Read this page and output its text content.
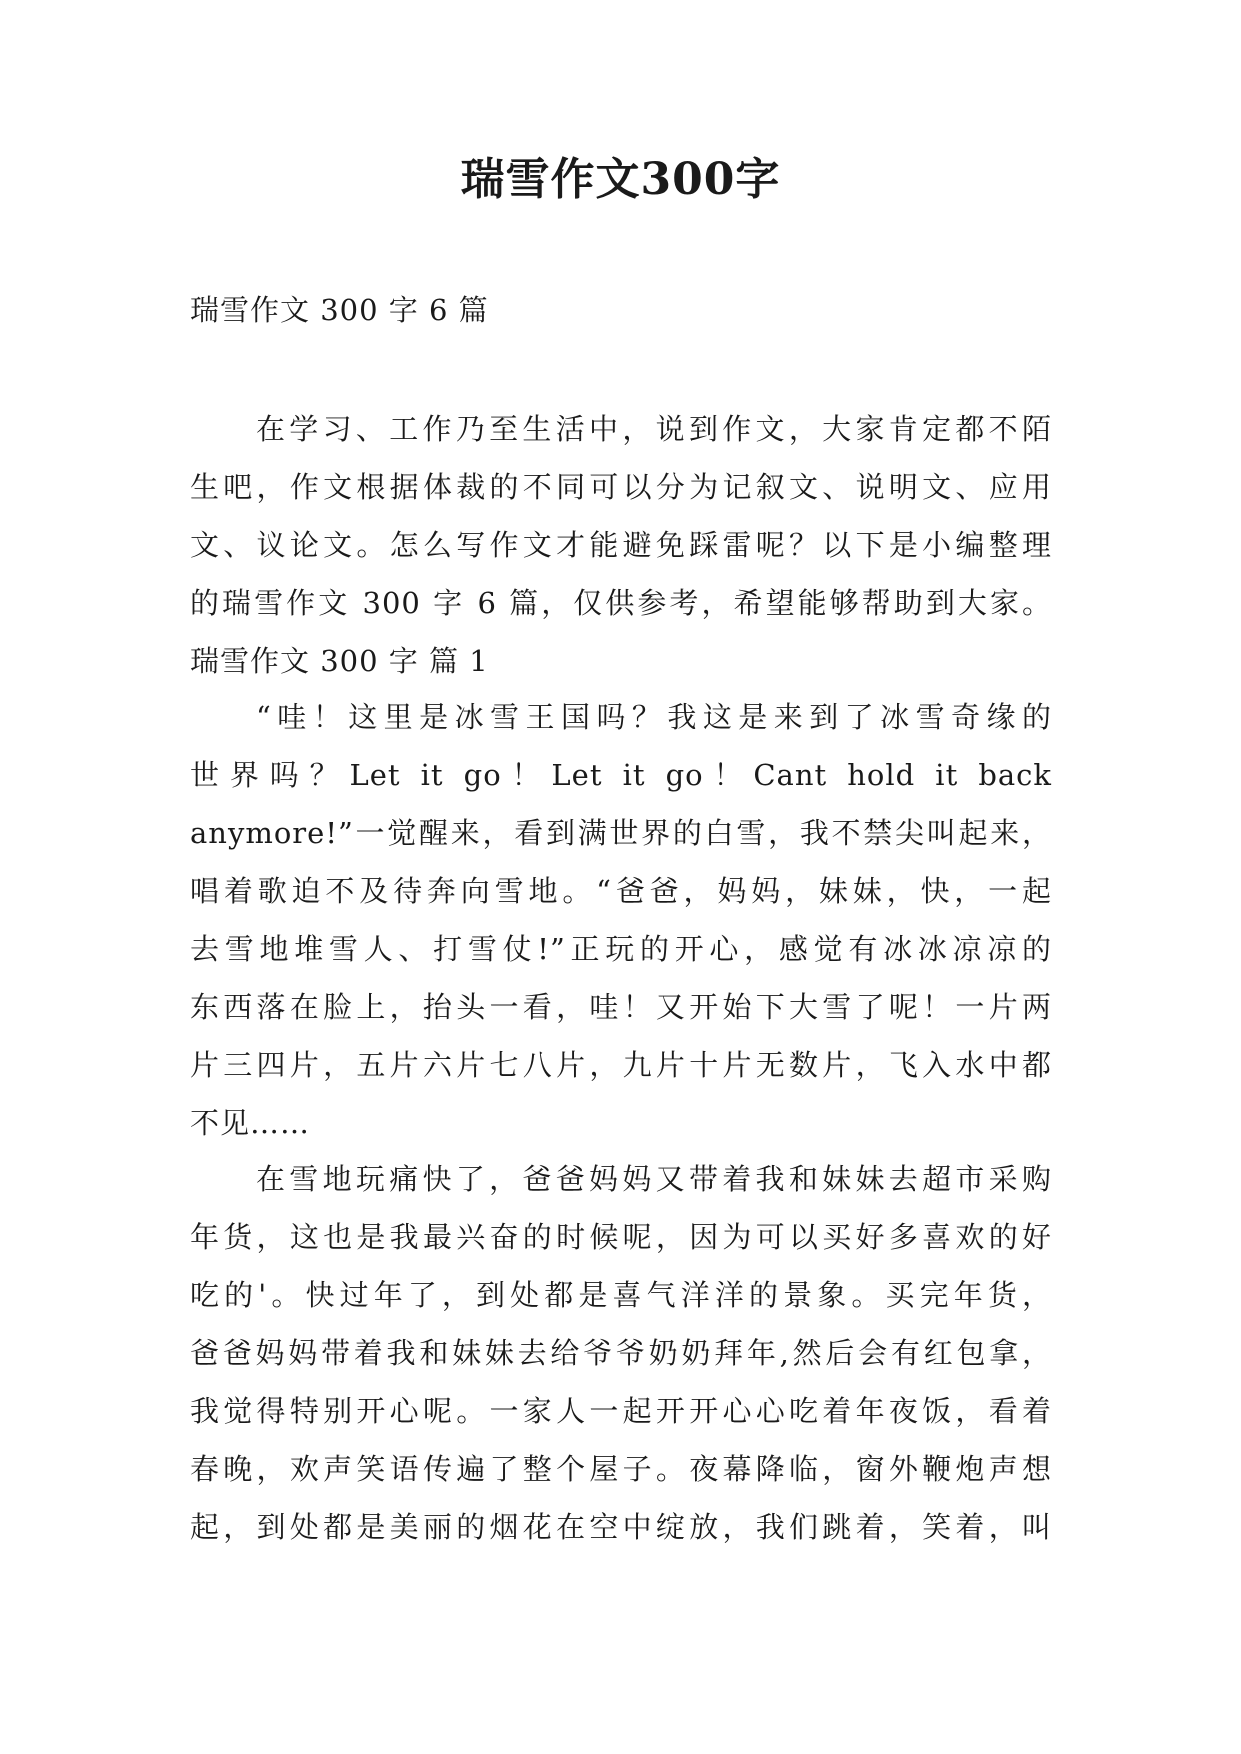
瑞雪作文300字
瑞雪作文 300 字 6 篇
在学习、工作乃至生活中，说到作文，大家肯定都不陌
生吧，作文根据体裁的不同可以分为记叙文、说明文、应用
文、议论文。怎么写作文才能避免踩雷呢？以下是小编整理
的瑞雪作文 300 字 6 篇，仅供参考，希望能够帮助到大家。
瑞雪作文 300 字 篇 1
“哇！这里是冰雪王国吗？我这是来到了冰雪奇缘的
世界吗？Let it go！Let it go！Cant hold it back
anymore!”一觉醒来，看到满世界的白雪，我不禁尖叫起来，
唱着歌迫不及待奔向雪地。“爸爸，妈妈，妹妹，快，一起
去雪地堆雪人、打雪仗!”正玩的开心，感觉有冰冰凉凉的
东西落在脸上，抬头一看，哇！又开始下大雪了呢！一片两
片三四片，五片六片七八片，九片十片无数片，飞入水中都
不见……
在雪地玩痛快了，爸爸妈妈又带着我和妹妹去超市采购
年货，这也是我最兴奋的时候呢，因为可以买好多喜欢的好
吃的'。快过年了，到处都是喜气洋洋的景象。买完年货，
爸爸妈妈带着我和妹妹去给爷爷奶奶拜年,然后会有红包拿，
我觉得特别开心呢。一家人一起开开心心吃着年夜饭，看着
春晚，欢声笑语传遍了整个屋子。夜幕降临，窗外鞭炮声想
起，到处都是美丽的烟花在空中绽放，我们跳着，笑着，叫
